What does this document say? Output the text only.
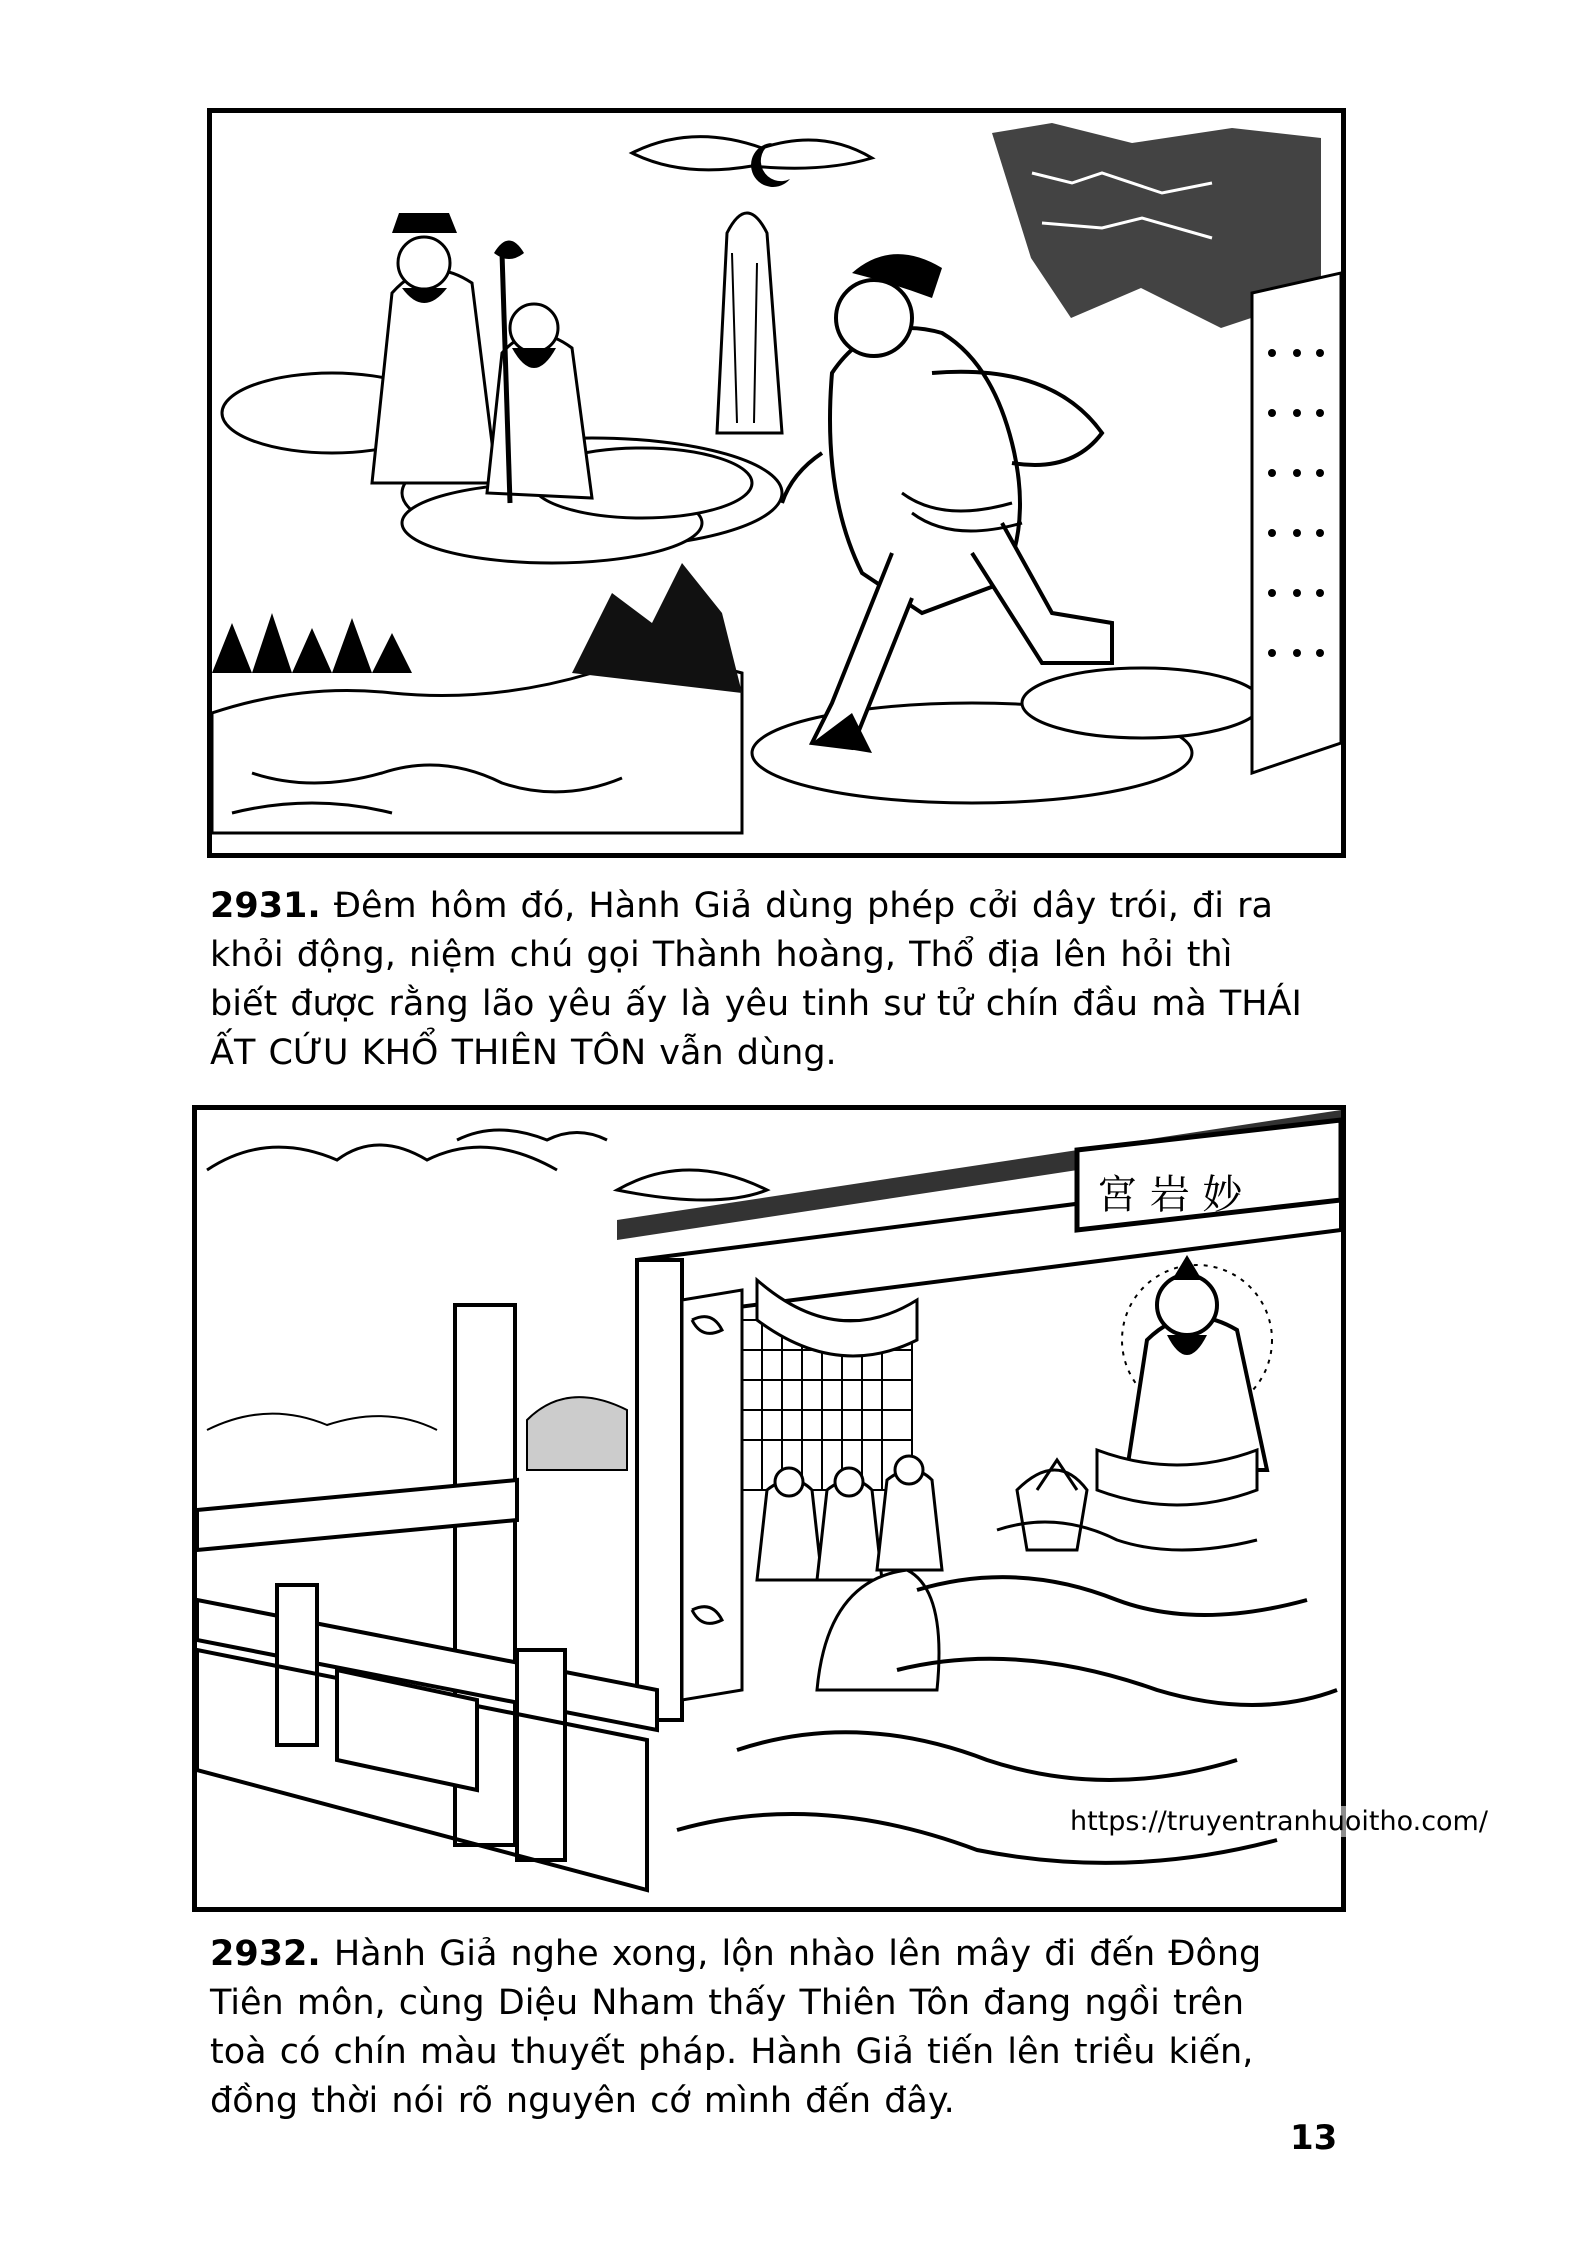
2931. Đêm hôm đó, Hành Giả dùng phép cởi dây trói, đi ra
khỏi động, niệm chú gọi Thành hoàng, Thổ địa lên hỏi thì
biết được rằng lão yêu ấy là yêu tinh sư tử chín đầu mà THÁI
ẤT CỨU KHỔ THIÊN TÔN vẫn dùng.
宮 岩 妙
https://truyentranhuoitho.com/
2932. Hành Giả nghe xong, lộn nhào lên mây đi đến Đông
Tiên môn, cùng Diệu Nham thấy Thiên Tôn đang ngồi trên
toà có chín màu thuyết pháp. Hành Giả tiến lên triều kiến,
đồng thời nói rõ nguyên cớ mình đến đây.
13
